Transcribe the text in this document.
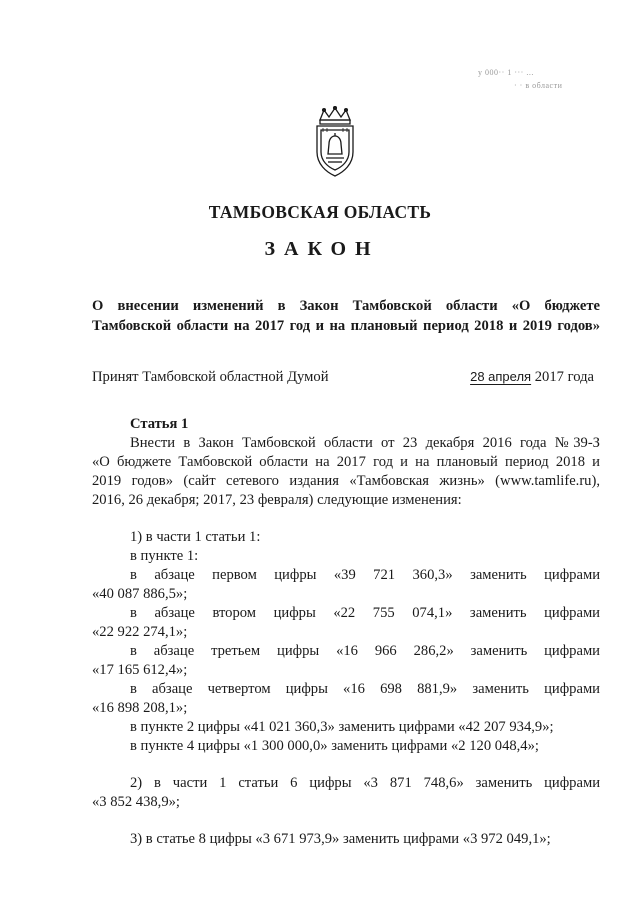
у 000·· 1 ··· ...
· · в области
ТАМБОВСКАЯ ОБЛАСТЬ
ЗАКОН
О внесении изменений в Закон Тамбовской области «О бюджете
Тамбовской области на 2017 год и на плановый период 2018 и 2019 годов»
Принят Тамбовской областной Думой	28 апреля 2017 года
Статья 1
Внести в Закон Тамбовской области от 23 декабря 2016 года №39-З
«О бюджете Тамбовской области на 2017 год и на плановый период 2018 и
2019 годов» (сайт сетевого издания «Тамбовская жизнь» (www.tamlife.ru),
2016, 26 декабря; 2017, 23 февраля) следующие изменения:
1) в части 1 статьи 1:
в пункте 1:
в абзаце первом цифры «39 721 360,3» заменить цифрами
«40 087 886,5»;
в абзаце втором цифры «22 755 074,1» заменить цифрами
«22 922 274,1»;
в абзаце третьем цифры «16 966 286,2» заменить цифрами
«17 165 612,4»;
в абзаце четвертом цифры «16 698 881,9» заменить цифрами
«16 898 208,1»;
в пункте 2 цифры «41 021 360,3» заменить цифрами «42 207 934,9»;
в пункте 4 цифры «1 300 000,0» заменить цифрами «2 120 048,4»;
2) в части 1 статьи 6 цифры «3 871 748,6» заменить цифрами
«3 852 438,9»;
3) в статье 8 цифры «3 671 973,9» заменить цифрами «3 972 049,1»;
